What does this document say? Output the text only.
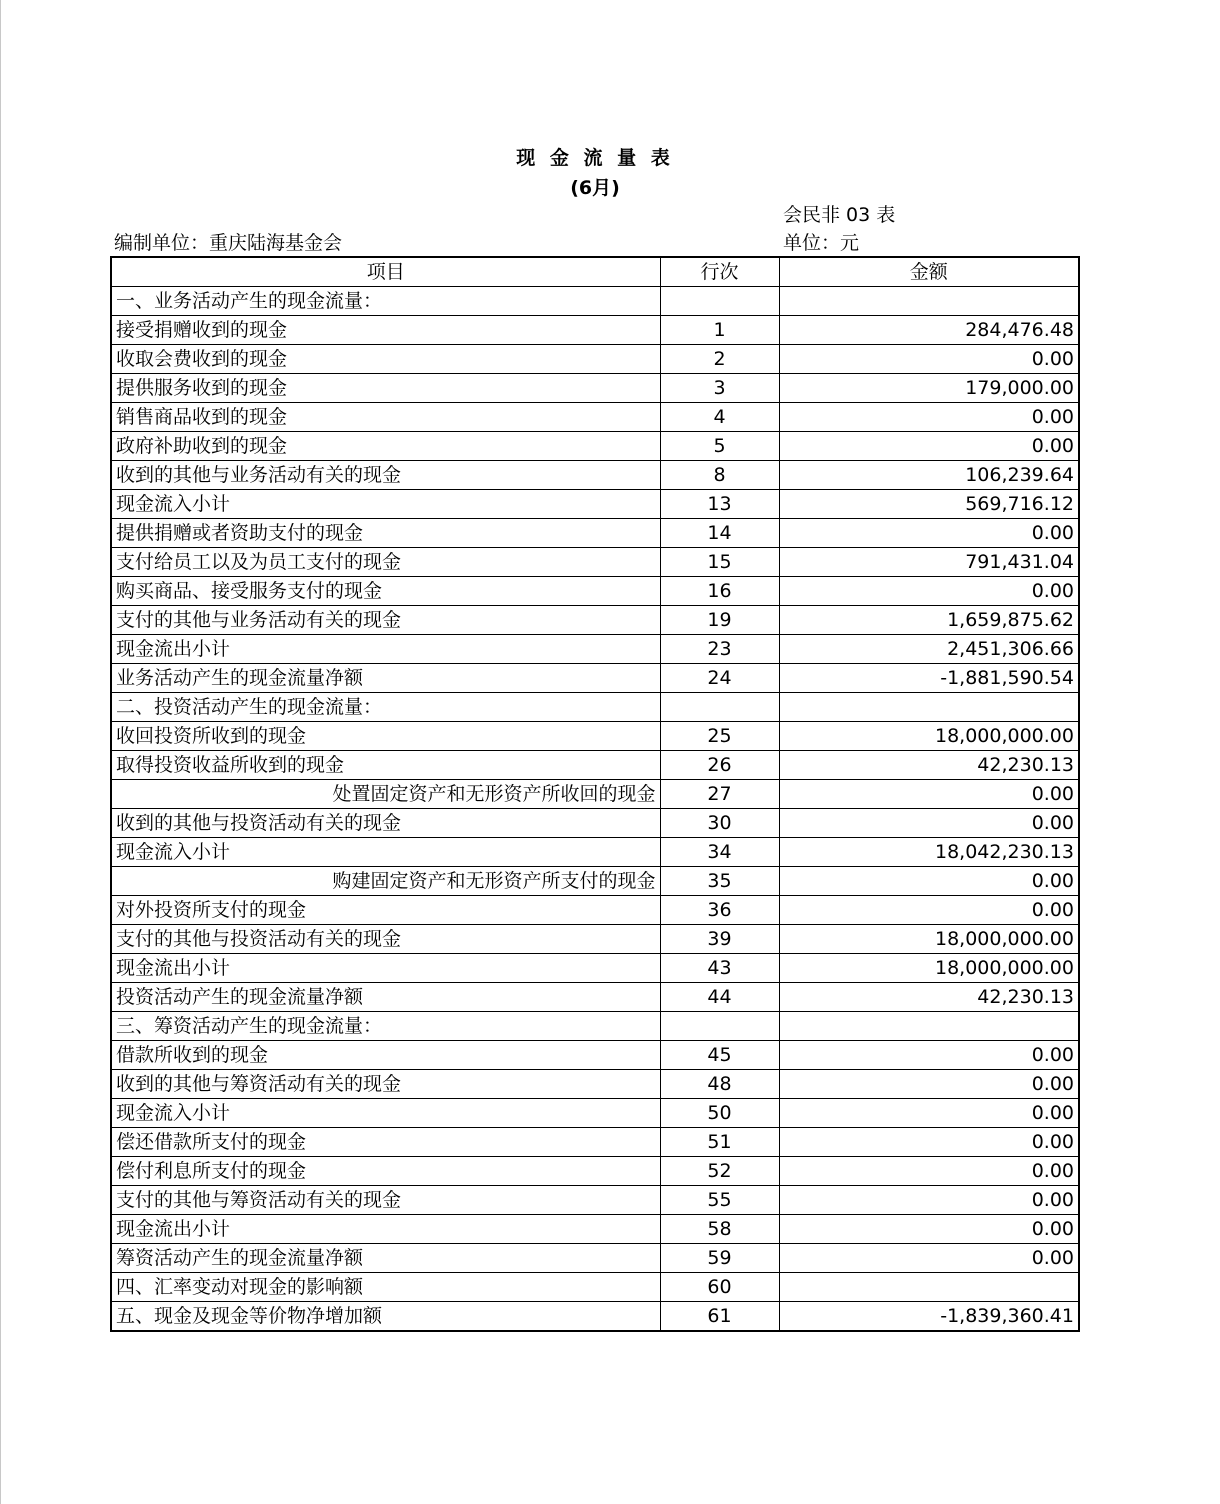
现 金 流 量 表
(6月)
会民非 03 表
编制单位：重庆陆海基金会	单位：元
项目	行次	金额
一、业务活动产生的现金流量：		
接受捐赠收到的现金	1	284,476.48
收取会费收到的现金	2	0.00
提供服务收到的现金	3	179,000.00
销售商品收到的现金	4	0.00
政府补助收到的现金	5	0.00
收到的其他与业务活动有关的现金	8	106,239.64
现金流入小计	13	569,716.12
提供捐赠或者资助支付的现金	14	0.00
支付给员工以及为员工支付的现金	15	791,431.04
购买商品、接受服务支付的现金	16	0.00
支付的其他与业务活动有关的现金	19	1,659,875.62
现金流出小计	23	2,451,306.66
业务活动产生的现金流量净额	24	-1,881,590.54
二、投资活动产生的现金流量：		
收回投资所收到的现金	25	18,000,000.00
取得投资收益所收到的现金	26	42,230.13
处置固定资产和无形资产所收回的现金	27	0.00
收到的其他与投资活动有关的现金	30	0.00
现金流入小计	34	18,042,230.13
购建固定资产和无形资产所支付的现金	35	0.00
对外投资所支付的现金	36	0.00
支付的其他与投资活动有关的现金	39	18,000,000.00
现金流出小计	43	18,000,000.00
投资活动产生的现金流量净额	44	42,230.13
三、筹资活动产生的现金流量：		
借款所收到的现金	45	0.00
收到的其他与筹资活动有关的现金	48	0.00
现金流入小计	50	0.00
偿还借款所支付的现金	51	0.00
偿付利息所支付的现金	52	0.00
支付的其他与筹资活动有关的现金	55	0.00
现金流出小计	58	0.00
筹资活动产生的现金流量净额	59	0.00
四、汇率变动对现金的影响额	60	
五、现金及现金等价物净增加额	61	-1,839,360.41
